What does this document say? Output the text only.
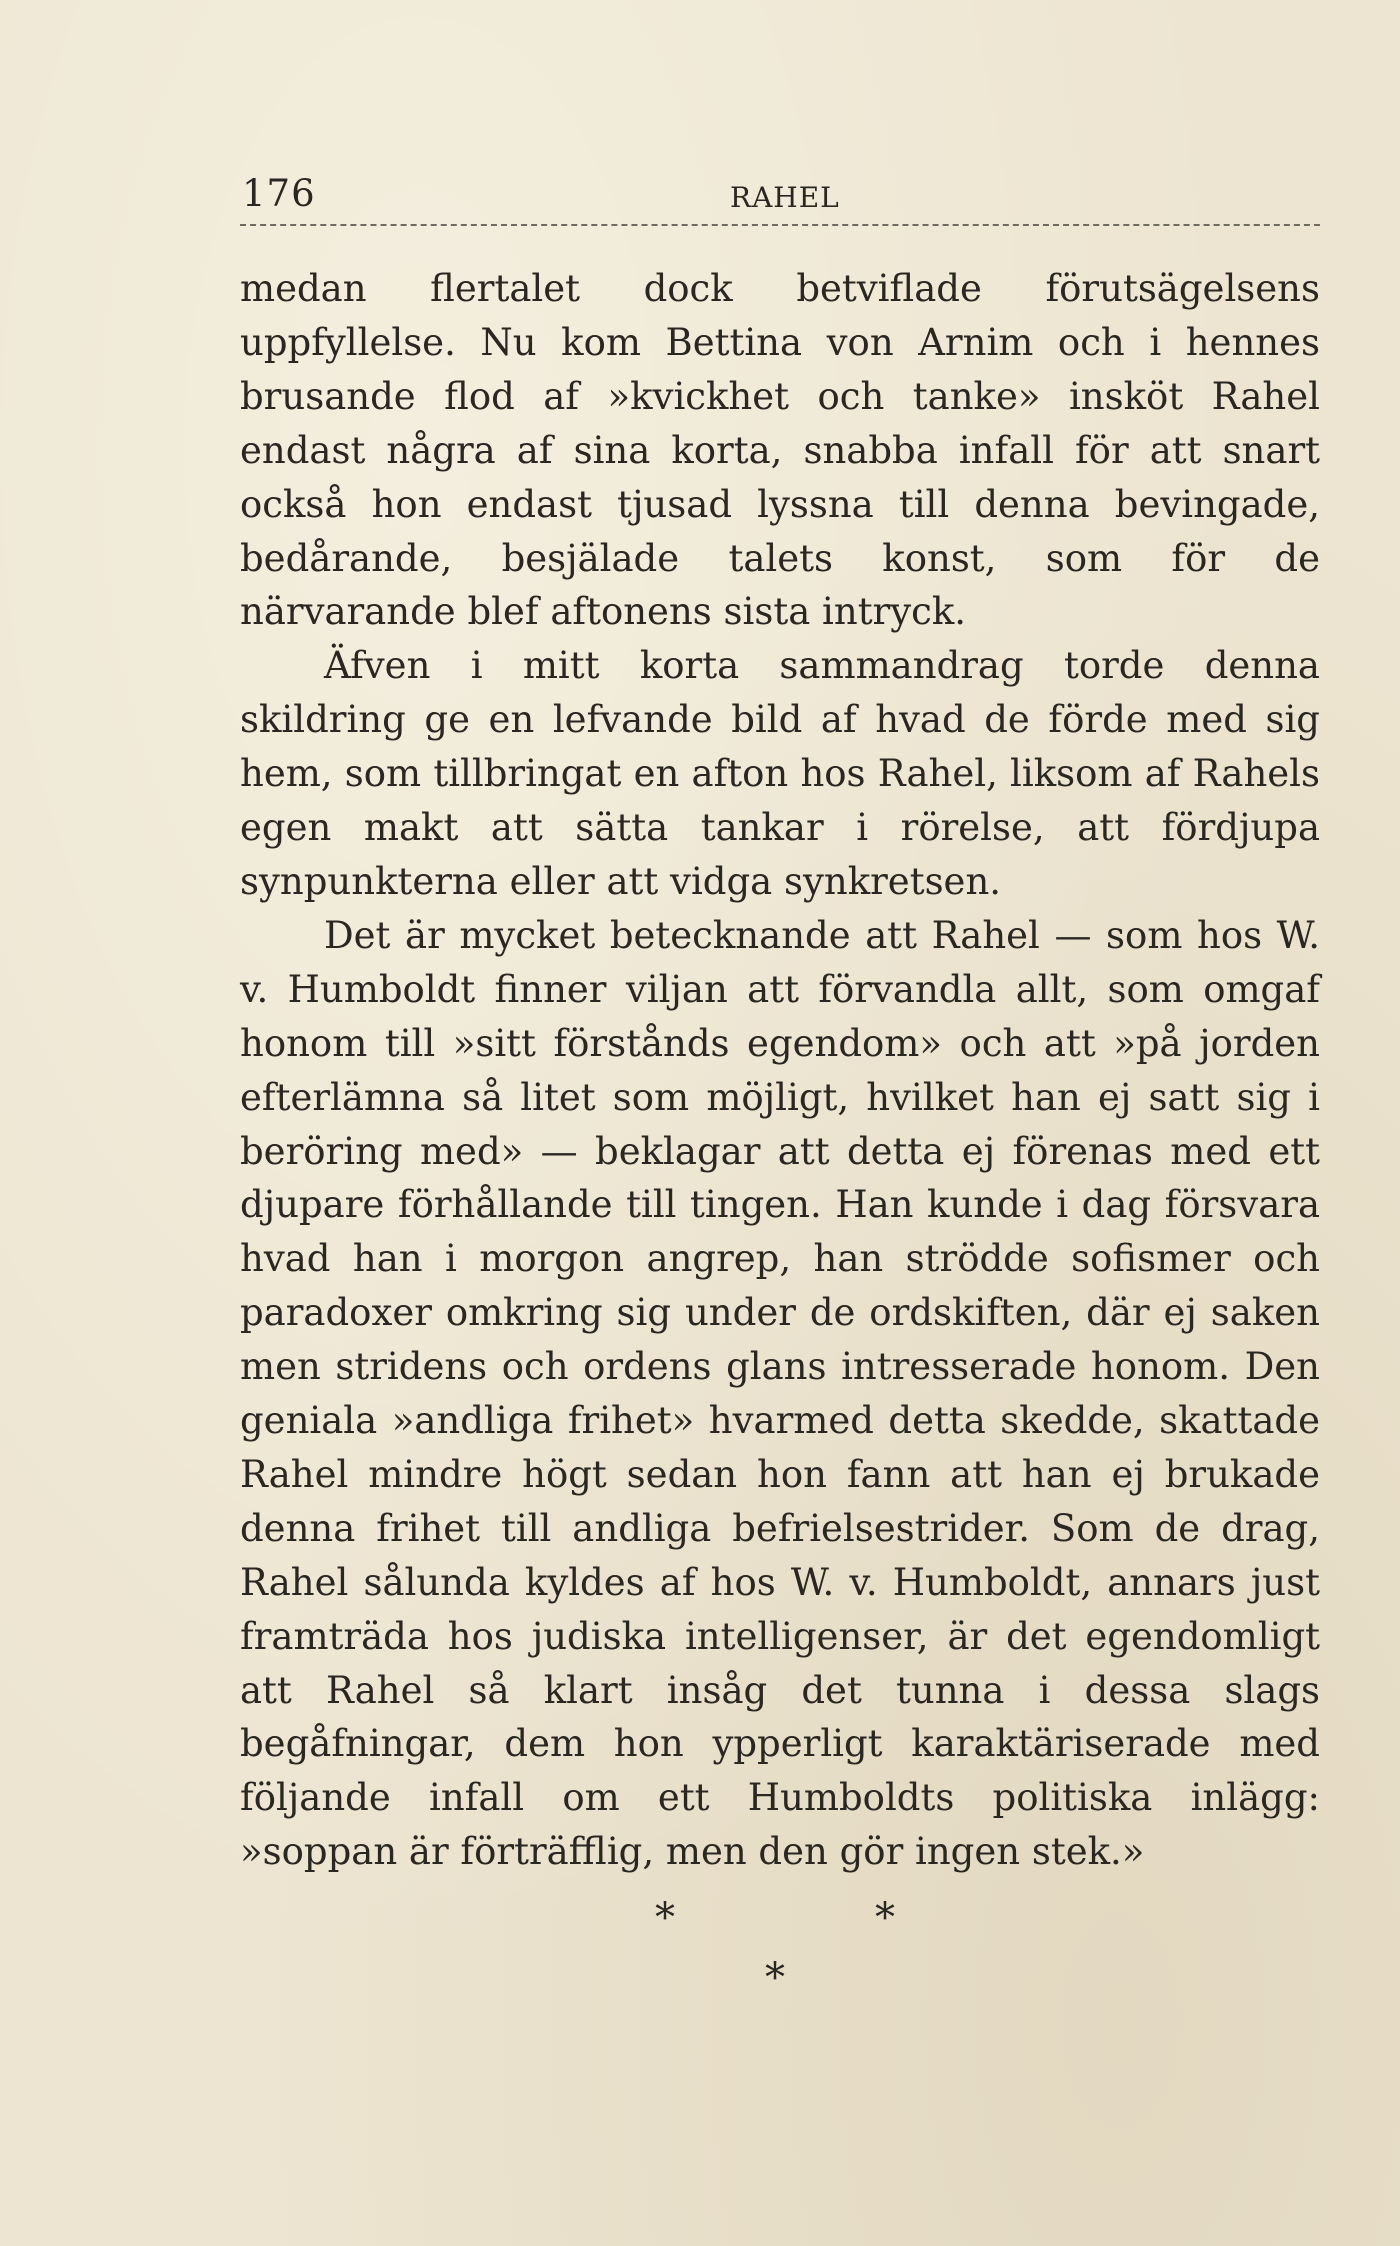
176	RAHEL

medan flertalet dock betviflade förutsägelsens uppfyllelse. Nu kom Bettina von Arnim och i hennes brusande flod af »kvickhet och tanke» insköt Rahel endast några af sina korta, snabba infall för att snart också hon endast tjusad lyssna till denna bevingade, bedårande, besjälade talets konst, som för de närvarande blef aftonens sista intryck.

Äfven i mitt korta sammandrag torde denna skildring ge en lefvande bild af hvad de förde med sig hem, som tillbringat en afton hos Rahel, liksom af Rahels egen makt att sätta tankar i rörelse, att fördjupa synpunkterna eller att vidga synkretsen.

Det är mycket betecknande att Rahel — som hos W. v. Humboldt finner viljan att förvandla allt, som omgaf honom till »sitt förstånds egendom» och att »på jorden efterlämna så litet som möjligt, hvilket han ej satt sig i beröring med» — beklagar att detta ej förenas med ett djupare förhållande till tingen. Han kunde i dag försvara hvad han i morgon angrep, han strödde sofismer och paradoxer omkring sig under de ordskiften, där ej saken men stridens och ordens glans intresserade honom. Den geniala »andliga frihet» hvarmed detta skedde, skattade Rahel mindre högt sedan hon fann att han ej brukade denna frihet till andliga befrielsestrider. Som de drag, Rahel sålunda kyldes af hos W. v. Humboldt, annars just framträda hos judiska intelligenser, är det egendomligt att Rahel så klart insåg det tunna i dessa slags begåfningar, dem hon ypperligt karaktäriserade med följande infall om ett Humboldts politiska inlägg: »soppan är förträfflig, men den gör ingen stek.»

*	*
*
